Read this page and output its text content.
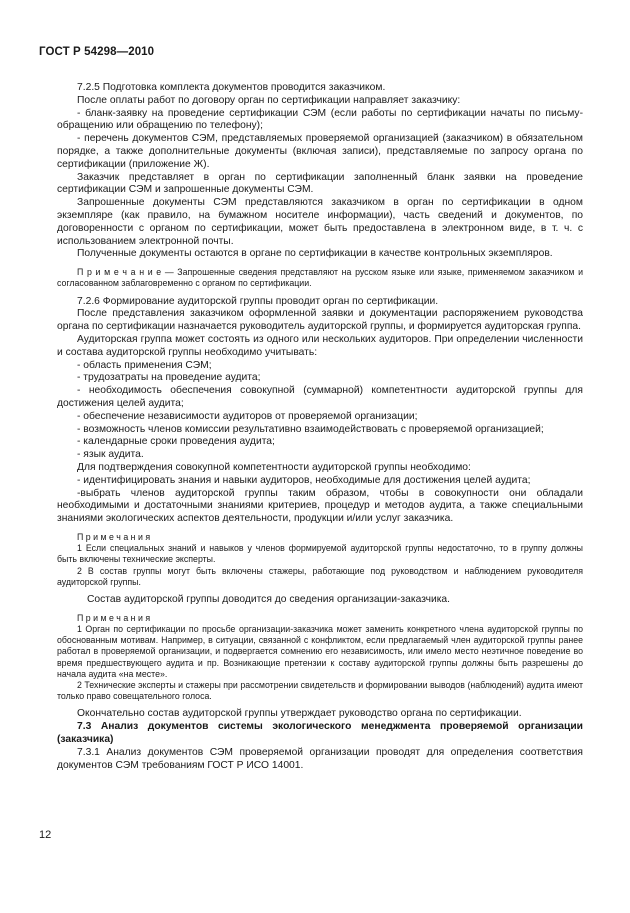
ГОСТ Р 54298—2010

7.2.5 Подготовка комплекта документов проводится заказчиком.

После оплаты работ по договору орган по сертификации направляет заказчику:

- бланк-заявку на проведение сертификации СЭМ (если работы по сертификации начаты по письму-обращению или обращению по телефону);

- перечень документов СЭМ, представляемых проверяемой организацией (заказчиком) в обязательном порядке, а также дополнительные документы (включая записи), представляемые по запросу органа по сертификации (приложение Ж).

Заказчик представляет в орган по сертификации заполненный бланк заявки на проведение сертификации СЭМ и запрошенные документы СЭМ.

Запрошенные документы СЭМ представляются заказчиком в орган по сертификации в одном экземпляре (как правило, на бумажном носителе информации), часть сведений и документов, по договоренности с органом по сертификации, может быть предоставлена в электронном виде, в т. ч. с использованием электронной почты.

Полученные документы остаются в органе по сертификации в качестве контрольных экземпляров.

П р и м е ч а н и е — Запрошенные сведения представляют на русском языке или языке, применяемом заказчиком и согласованном заблаговременно с органом по сертификации.

7.2.6 Формирование аудиторской группы проводит орган по сертификации.

После представления заказчиком оформленной заявки и документации распоряжением руководства органа по сертификации назначается руководитель аудиторской группы, и формируется аудиторская группа.

Аудиторская группа может состоять из одного или нескольких аудиторов. При определении численности и состава аудиторской группы необходимо учитывать:

- область применения СЭМ;

- трудозатраты на проведение аудита;

- необходимость обеспечения совокупной (суммарной) компетентности аудиторской группы для достижения целей аудита;

- обеспечение независимости аудиторов от проверяемой организации;

- возможность членов комиссии результативно взаимодействовать с проверяемой организацией;

- календарные сроки проведения аудита;

- язык аудита.

Для подтверждения совокупной компетентности аудиторской группы необходимо:

- идентифицировать знания и навыки аудиторов, необходимые для достижения целей аудита;

-выбрать членов аудиторской группы таким образом, чтобы в совокупности они обладали необходимыми и достаточными знаниями критериев, процедур и методов аудита, а также специальными знаниями экологических аспектов деятельности, продукции и/или услуг заказчика.

П р и м е ч а н и я

1 Если специальных знаний и навыков у членов формируемой аудиторской группы недостаточно, то в группу должны быть включены технические эксперты.

2 В состав группы могут быть включены стажеры, работающие под руководством и наблюдением руководителя аудиторской группы.

Состав аудиторской группы доводится до сведения организации-заказчика.

П р и м е ч а н и я

1 Орган по сертификации по просьбе организации-заказчика может заменить конкретного члена аудиторской группы по обоснованным мотивам. Например, в ситуации, связанной с конфликтом, если предлагаемый член аудиторской группы ранее работал в проверяемой организации, и подвергается сомнению его независимость, или имело место неэтичное поведение во время предшествующего аудита и пр. Возникающие претензии к составу аудиторской группы должны быть разрешены до начала аудита «на месте».

2 Технические эксперты и стажеры при рассмотрении свидетельств и формировании выводов (наблюдений) аудита имеют только право совещательного голоса.

Окончательно состав аудиторской группы утверждает руководство органа по сертификации.

7.3 Анализ документов системы экологического менеджмента проверяемой организации (заказчика)

7.3.1 Анализ документов СЭМ проверяемой организации проводят для определения соответствия документов СЭМ требованиям ГОСТ Р ИСО 14001.

12
